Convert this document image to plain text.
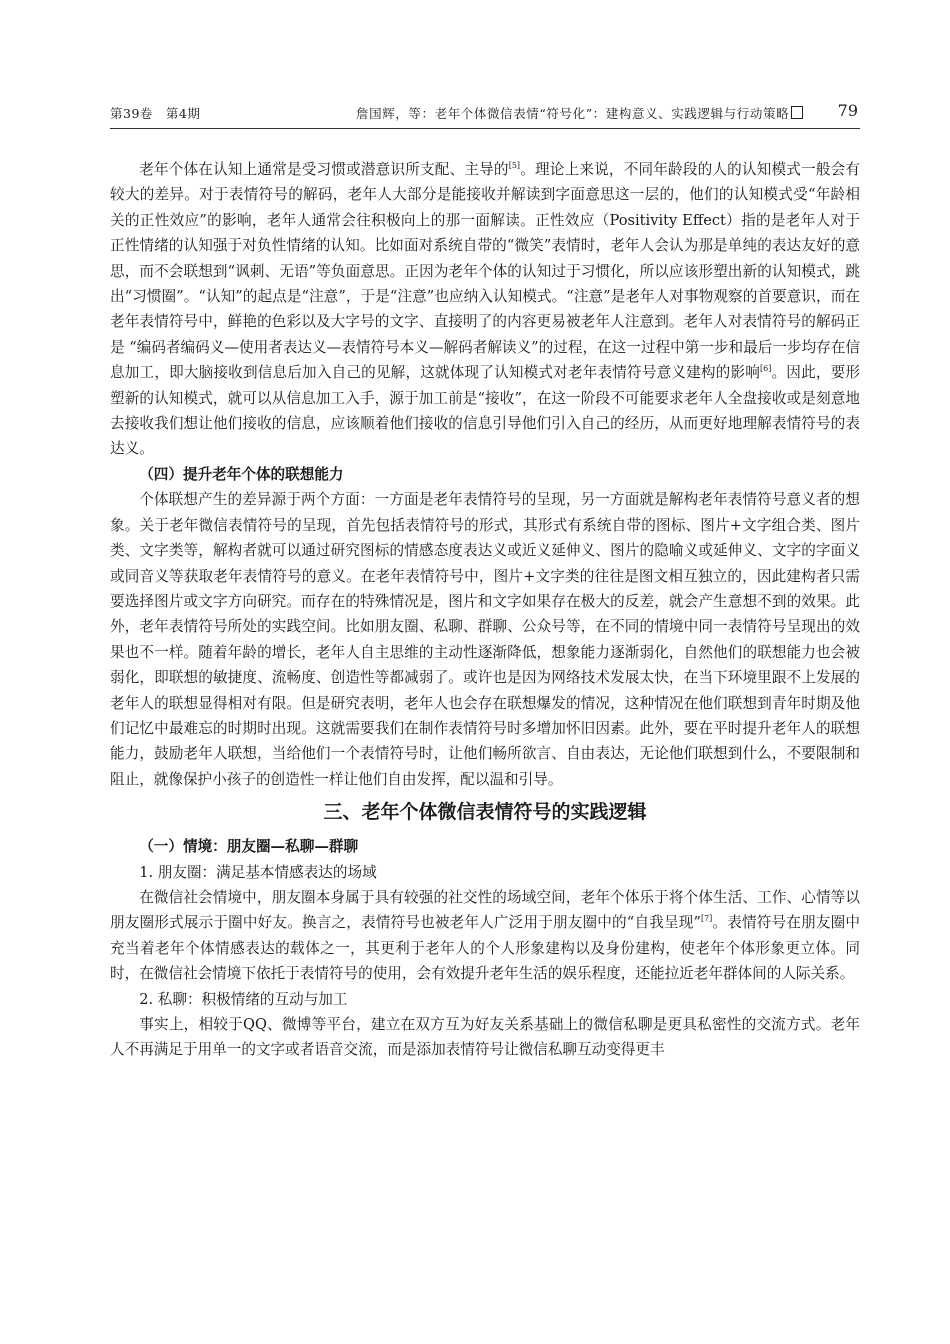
第39卷　第4期	詹国辉，等：老年个体微信表情“符号化”：建构意义、实践逻辑与行动策略	79

老年个体在认知上通常是受习惯或潜意识所支配、主导的[5]。理论上来说，不同年龄段的人的认知模式一般会有较大的差异。对于表情符号的解码，老年人大部分是能接收并解读到字面意思这一层的，他们的认知模式受“年龄相关的正性效应”的影响，老年人通常会往积极向上的那一面解读。正性效应（Positivity Effect）指的是老年人对于正性情绪的认知强于对负性情绪的认知。比如面对系统自带的“微笑”表情时，老年人会认为那是单纯的表达友好的意思，而不会联想到“讽刺、无语”等负面意思。正因为老年个体的认知过于习惯化，所以应该形塑出新的认知模式，跳出“习惯圈”。“认知”的起点是“注意”，于是“注意”也应纳入认知模式。“注意”是老年人对事物观察的首要意识，而在老年表情符号中，鲜艳的色彩以及大字号的文字、直接明了的内容更易被老年人注意到。老年人对表情符号的解码正是 “编码者编码义—使用者表达义—表情符号本义—解码者解读义”的过程，在这一过程中第一步和最后一步均存在信息加工，即大脑接收到信息后加入自己的见解，这就体现了认知模式对老年表情符号意义建构的影响[6]。因此，要形塑新的认知模式，就可以从信息加工入手，源于加工前是“接收”，在这一阶段不可能要求老年人全盘接收或是刻意地去接收我们想让他们接收的信息，应该顺着他们接收的信息引导他们引入自己的经历，从而更好地理解表情符号的表达义。

（四）提升老年个体的联想能力

个体联想产生的差异源于两个方面：一方面是老年表情符号的呈现，另一方面就是解构老年表情符号意义者的想象。关于老年微信表情符号的呈现，首先包括表情符号的形式，其形式有系统自带的图标、图片+文字组合类、图片类、文字类等，解构者就可以通过研究图标的情感态度表达义或近义延伸义、图片的隐喻义或延伸义、文字的字面义或同音义等获取老年表情符号的意义。在老年表情符号中，图片+文字类的往往是图文相互独立的，因此建构者只需要选择图片或文字方向研究。而存在的特殊情况是，图片和文字如果存在极大的反差，就会产生意想不到的效果。此外，老年表情符号所处的实践空间。比如朋友圈、私聊、群聊、公众号等，在不同的情境中同一表情符号呈现出的效果也不一样。随着年龄的增长，老年人自主思维的主动性逐渐降低，想象能力逐渐弱化，自然他们的联想能力也会被弱化，即联想的敏捷度、流畅度、创造性等都减弱了。或许也是因为网络技术发展太快，在当下环境里跟不上发展的老年人的联想显得相对有限。但是研究表明，老年人也会存在联想爆发的情况，这种情况在他们联想到青年时期及他们记忆中最难忘的时期时出现。这就需要我们在制作表情符号时多增加怀旧因素。此外，要在平时提升老年人的联想能力，鼓励老年人联想，当给他们一个表情符号时，让他们畅所欲言、自由表达，无论他们联想到什么，不要限制和阻止，就像保护小孩子的创造性一样让他们自由发挥，配以温和引导。

三、老年个体微信表情符号的实践逻辑

（一）情境：朋友圈—私聊—群聊

1. 朋友圈：满足基本情感表达的场域

在微信社会情境中，朋友圈本身属于具有较强的社交性的场域空间，老年个体乐于将个体生活、工作、心情等以朋友圈形式展示于圈中好友。换言之，表情符号也被老年人广泛用于朋友圈中的“自我呈现”[7]。表情符号在朋友圈中充当着老年个体情感表达的载体之一，其更利于老年人的个人形象建构以及身份建构，使老年个体形象更立体。同时，在微信社会情境下依托于表情符号的使用，会有效提升老年生活的娱乐程度，还能拉近老年群体间的人际关系。

2. 私聊：积极情绪的互动与加工

事实上，相较于QQ、微博等平台，建立在双方互为好友关系基础上的微信私聊是更具私密性的交流方式。老年人不再满足于用单一的文字或者语音交流，而是添加表情符号让微信私聊互动变得更丰
